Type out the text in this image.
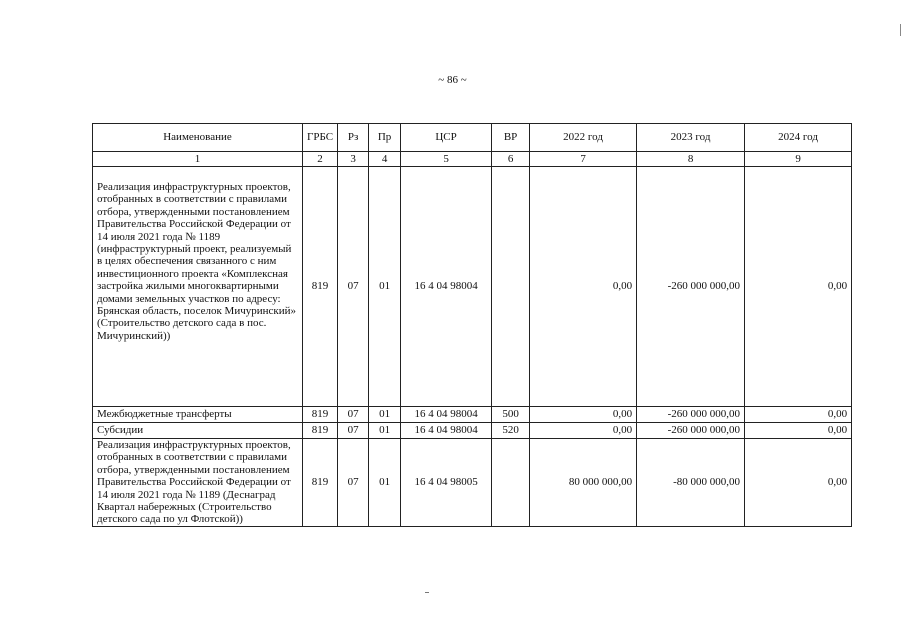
~ 86 ~
Наименование	ГРБС	Рз	Пр	ЦСР	ВР	2022 год	2023 год	2024 год
1	2	3	4	5	6	7	8	9
Реализация инфраструктурных проектов, отобранных в соответствии с правилами отбора, утвержденными постановлением Правительства Российской Федерации от 14 июля 2021 года № 1189 (инфраструктурный проект, реализуемый в целях обеспечения связанного с ним инвестиционного проекта «Комплексная застройка жилыми многоквартирными домами земельных участков по адресу: Брянская область, поселок Мичуринский» (Строительство детского сада в пос. Мичуринский))	819	07	01	16 4 04 98004		0,00	-260 000 000,00	0,00
Межбюджетные трансферты	819	07	01	16 4 04 98004	500	0,00	-260 000 000,00	0,00
Субсидии	819	07	01	16 4 04 98004	520	0,00	-260 000 000,00	0,00
Реализация инфраструктурных проектов, отобранных в соответствии с правилами отбора, утвержденными постановлением Правительства Российской Федерации от 14 июля 2021 года № 1189 (Деснаград Квартал набережных (Строительство детского сада по ул Флотской))	819	07	01	16 4 04 98005		80 000 000,00	-80 000 000,00	0,00
